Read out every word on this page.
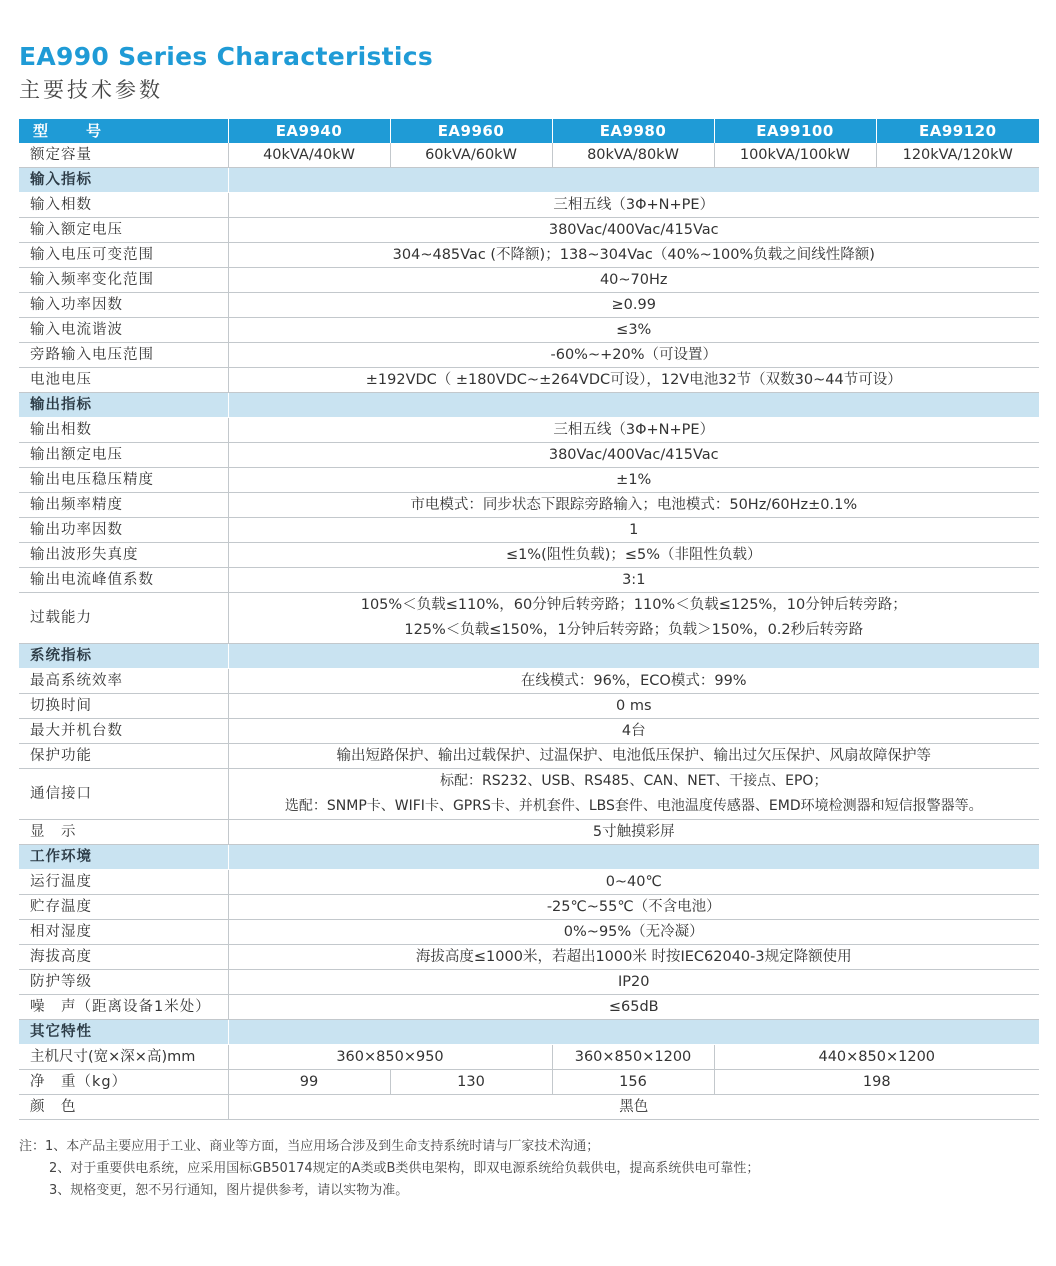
EA990 Series Characteristics
主要技术参数
型 号	EA9940	EA9960	EA9980	EA99100	EA99120
额定容量	40kVA/40kW	60kVA/60kW	80kVA/80kW	100kVA/100kW	120kVA/120kW
输入指标					
输入相数	三相五线（3Φ+N+PE）				
输入额定电压	380Vac/400Vac/415Vac				
输入电压可变范围	304~485Vac (不降额)；138~304Vac（40%~100%负载之间线性降额)				
输入频率变化范围	40~70Hz				
输入功率因数	≥0.99				
输入电流谐波	≤3%				
旁路输入电压范围	-60%~+20%（可设置）				
电池电压	±192VDC（ ±180VDC~±264VDC可设），12V电池32节（双数30~44节可设）				
输出指标					
输出相数	三相五线（3Φ+N+PE）				
输出额定电压	380Vac/400Vac/415Vac				
输出电压稳压精度	±1%				
输出频率精度	市电模式：同步状态下跟踪旁路输入；电池模式：50Hz/60Hz±0.1%				
输出功率因数	1				
输出波形失真度	≤1%(阻性负载)；≤5%（非阻性负载）				
输出电流峰值系数	3:1				
过载能力	105%＜负载≤110%，60分钟后转旁路；110%＜负载≤125%，10分钟后转旁路；
125%＜负载≤150%，1分钟后转旁路；负载＞150%，0.2秒后转旁路				

系统指标					
最高系统效率	在线模式：96%，ECO模式：99%				
切换时间	0 ms				
最大并机台数	4台				
保护功能	输出短路保护、输出过载保护、过温保护、电池低压保护、输出过欠压保护、风扇故障保护等				
通信接口	标配：RS232、USB、RS485、CAN、NET、干接点、EPO；
选配：SNMP卡、WIFI卡、GPRS卡、并机套件、LBS套件、电池温度传感器、EMD环境检测器和短信报警器等。				

显　示	5寸触摸彩屏				
工作环境					
运行温度	0~40℃				
贮存温度	-25℃~55℃（不含电池）				
相对湿度	0%~95%（无冷凝）				
海拔高度	海拔高度≤1000米，若超出1000米 时按IEC62040-3规定降额使用				
防护等级	IP20				
噪　声（距离设备1米处）	≤65dB				
其它特性					
主机尺寸(宽×深×高)mm	360×850×950		360×850×1200	440×850×1200	
净　重（kg）	99	130	156	198	
颜　色	黑色				
注：1、本产品主要应用于工业、商业等方面，当应用场合涉及到生命支持系统时请与厂家技术沟通；
2、对于重要供电系统，应采用国标GB50174规定的A类或B类供电架构，即双电源系统给负载供电，提高系统供电可靠性；
3、规格变更，恕不另行通知，图片提供参考，请以实物为准。
